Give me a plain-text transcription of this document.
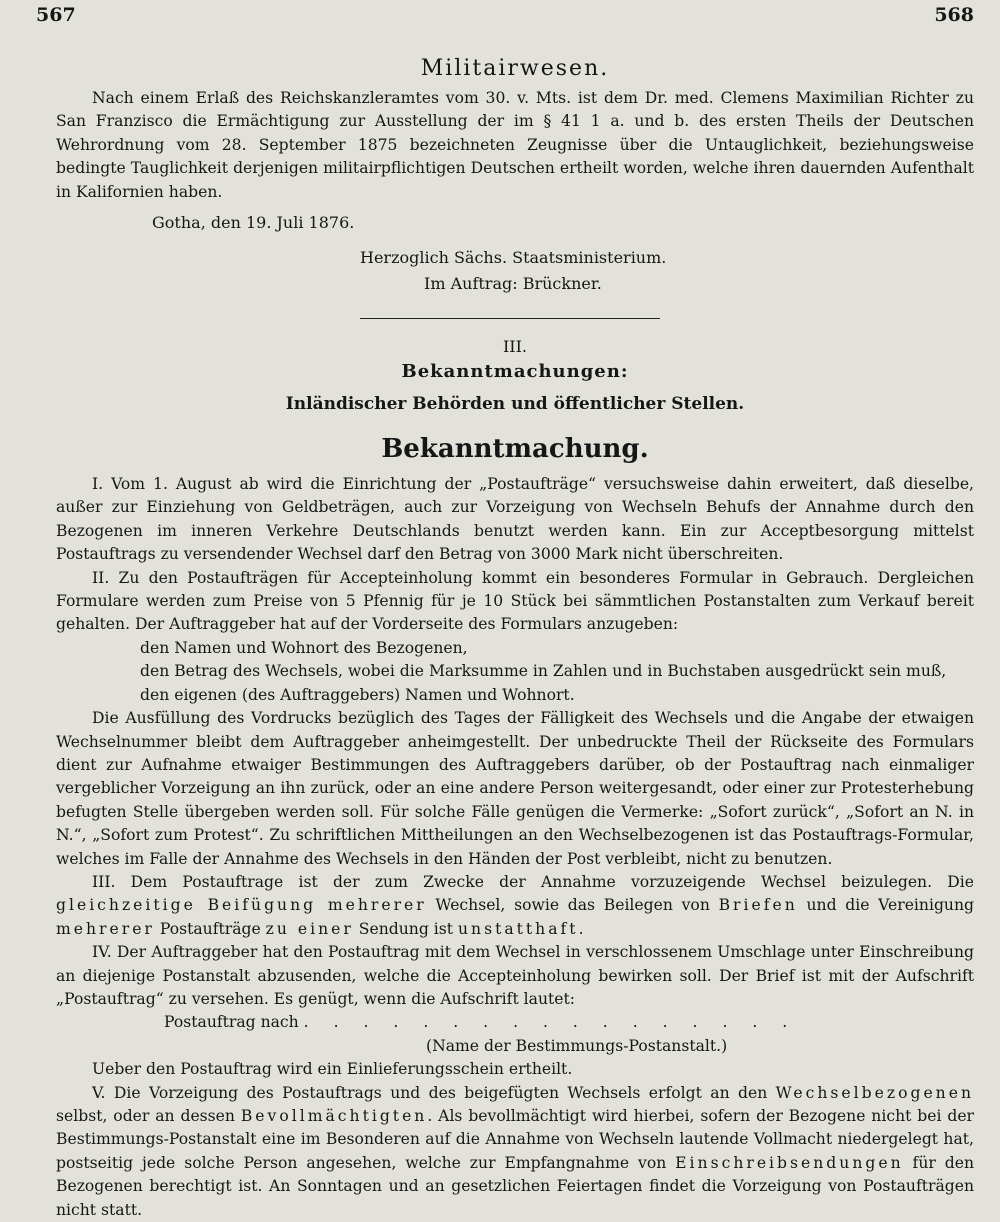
567	568
Militairwesen.

Nach einem Erlaß des Reichskanzleramtes vom 30. v. Mts. ist dem Dr. med. Clemens Maximilian Richter zu San Franzisco die Ermächtigung zur Ausstellung der im § 41 1 a. und b. des ersten Theils der Deutschen Wehrordnung vom 28. September 1875 bezeichneten Zeugnisse über die Untauglichkeit, beziehungsweise bedingte Tauglichkeit derjenigen militairpflichtigen Deutschen ertheilt worden, welche ihren dauernden Aufenthalt in Kalifornien haben.

Gotha, den 19. Juli 1876.
Herzoglich Sächs. Staatsministerium.
Im Auftrag: Brückner.
III.
Bekanntmachungen:
Inländischer Behörden und öffentlicher Stellen.
Bekanntmachung.

I. Vom 1. August ab wird die Einrichtung der „Postaufträge“ versuchsweise dahin erweitert, daß dieselbe, außer zur Einziehung von Geldbeträgen, auch zur Vorzeigung von Wechseln Behufs der Annahme durch den Bezogenen im inneren Verkehre Deutschlands benutzt werden kann. Ein zur Acceptbesorgung mittelst Postauftrags zu versendender Wechsel darf den Betrag von 3000 Mark nicht überschreiten.

II. Zu den Postaufträgen für Accepteinholung kommt ein besonderes Formular in Gebrauch. Dergleichen Formulare werden zum Preise von 5 Pfennig für je 10 Stück bei sämmtlichen Postanstalten zum Verkauf bereit gehalten. Der Auftraggeber hat auf der Vorderseite des Formulars anzugeben:

den Namen und Wohnort des Bezogenen,
den Betrag des Wechsels, wobei die Marksumme in Zahlen und in Buchstaben ausgedrückt sein muß,
den eigenen (des Auftraggebers) Namen und Wohnort.

Die Ausfüllung des Vordrucks bezüglich des Tages der Fälligkeit des Wechsels und die Angabe der etwaigen Wechselnummer bleibt dem Auftraggeber anheimgestellt. Der unbedruckte Theil der Rückseite des Formulars dient zur Aufnahme etwaiger Bestimmungen des Auftraggebers darüber, ob der Postauftrag nach einmaliger vergeblicher Vorzeigung an ihn zurück, oder an eine andere Person weitergesandt, oder einer zur Protesterhebung befugten Stelle übergeben werden soll. Für solche Fälle genügen die Vermerke: „Sofort zurück“, „Sofort an N. in N.“, „Sofort zum Protest“. Zu schriftlichen Mittheilungen an den Wechselbezogenen ist das Postauftrags-Formular, welches im Falle der Annahme des Wechsels in den Händen der Post verbleibt, nicht zu benutzen.

III. Dem Postauftrage ist der zum Zwecke der Annahme vorzuzeigende Wechsel beizulegen. Die gleichzeitige Beifügung mehrerer Wechsel, sowie das Beilegen von Briefen und die Vereinigung mehrerer Postaufträge zu einer Sendung ist unstatthaft.

IV. Der Auftraggeber hat den Postauftrag mit dem Wechsel in verschlossenem Umschlage unter Einschreibung an diejenige Postanstalt abzusenden, welche die Accepteinholung bewirken soll. Der Brief ist mit der Aufschrift „Postauftrag“ zu versehen. Es genügt, wenn die Aufschrift lautet:

Postauftrag nach . . . . . . . . . . . . . . . . .
(Name der Bestimmungs-Postanstalt.)

Ueber den Postauftrag wird ein Einlieferungsschein ertheilt.

V. Die Vorzeigung des Postauftrags und des beigefügten Wechsels erfolgt an den Wechselbezogenen selbst, oder an dessen Bevollmächtigten. Als bevollmächtigt wird hierbei, sofern der Bezogene nicht bei der Bestimmungs-Postanstalt eine im Besonderen auf die Annahme von Wechseln lautende Vollmacht niedergelegt hat, postseitig jede solche Person angesehen, welche zur Empfangnahme von Einschreibsendungen für den Bezogenen berechtigt ist. An Sonntagen und an gesetzlichen Feiertagen findet die Vorzeigung von Postaufträgen nicht statt.
